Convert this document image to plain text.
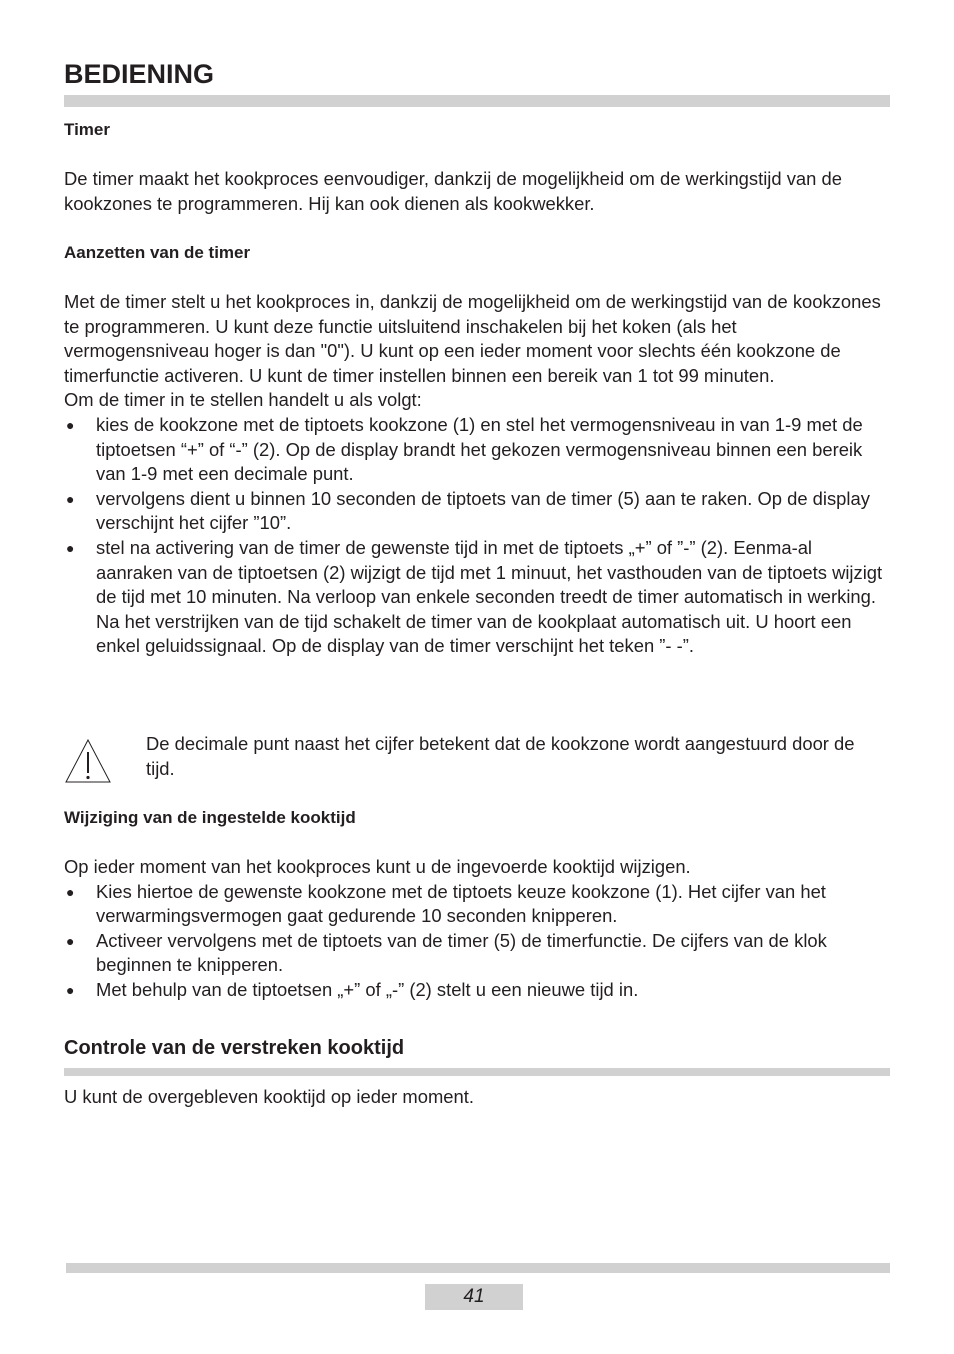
BEDIENING
Timer

De timer maakt het kookproces eenvoudiger, dankzij de mogelijkheid om de werkingstijd van de kookzones te programmeren. Hij kan ook dienen als kookwekker.

Aanzetten van de timer

Met de timer stelt u het kookproces in, dankzij de mogelijkheid om de werkingstijd van de kookzones te programmeren. U kunt deze functie uitsluitend inschakelen bij het koken (als het vermogensniveau hoger is dan "0"). U kunt op een ieder moment voor slechts één kookzone de timerfunctie activeren. U kunt de timer instellen binnen een bereik van 1 tot 99 minuten.

Om de timer in te stellen handelt u als volgt:

● kies de kookzone met de tiptoets kookzone (1) en stel het vermogensniveau in van 1-9 met de tiptoetsen “+” of “-” (2). Op de display brandt het gekozen vermogensniveau binnen een bereik van 1-9 met een decimale punt.
● vervolgens dient u binnen 10 seconden de tiptoets van de timer (5) aan te raken. Op de display verschijnt het cijfer ”10”.
● stel na activering van de timer de gewenste tijd in met de tiptoets „+” of ”-” (2). Eenma-al aanraken van de tiptoetsen (2) wijzigt de tijd met 1 minuut, het vasthouden van de tiptoets wijzigt de tijd met 10 minuten. Na verloop van enkele seconden treedt de timer automatisch in werking.
Na het verstrijken van de tijd schakelt de timer van de kookplaat automatisch uit. U hoort een enkel geluidssignaal. Op de display van de timer verschijnt het teken ”- -”.

De decimale punt naast het cijfer betekent dat de kookzone wordt aangestuurd door de tijd.

Wijziging van de ingestelde kooktijd

Op ieder moment van het kookproces kunt u de ingevoerde kooktijd wijzigen.

● Kies hiertoe de gewenste kookzone met de tiptoets keuze kookzone (1). Het cijfer van het verwarmingsvermogen gaat gedurende 10 seconden knipperen.
● Activeer vervolgens met de tiptoets van de timer (5) de timerfunctie. De cijfers van de klok beginnen te knipperen.
● Met behulp van de tiptoetsen „+” of „-” (2) stelt u een nieuwe tijd in.
Controle van de verstreken kooktijd

U kunt de overgebleven kooktijd op ieder moment.

41
